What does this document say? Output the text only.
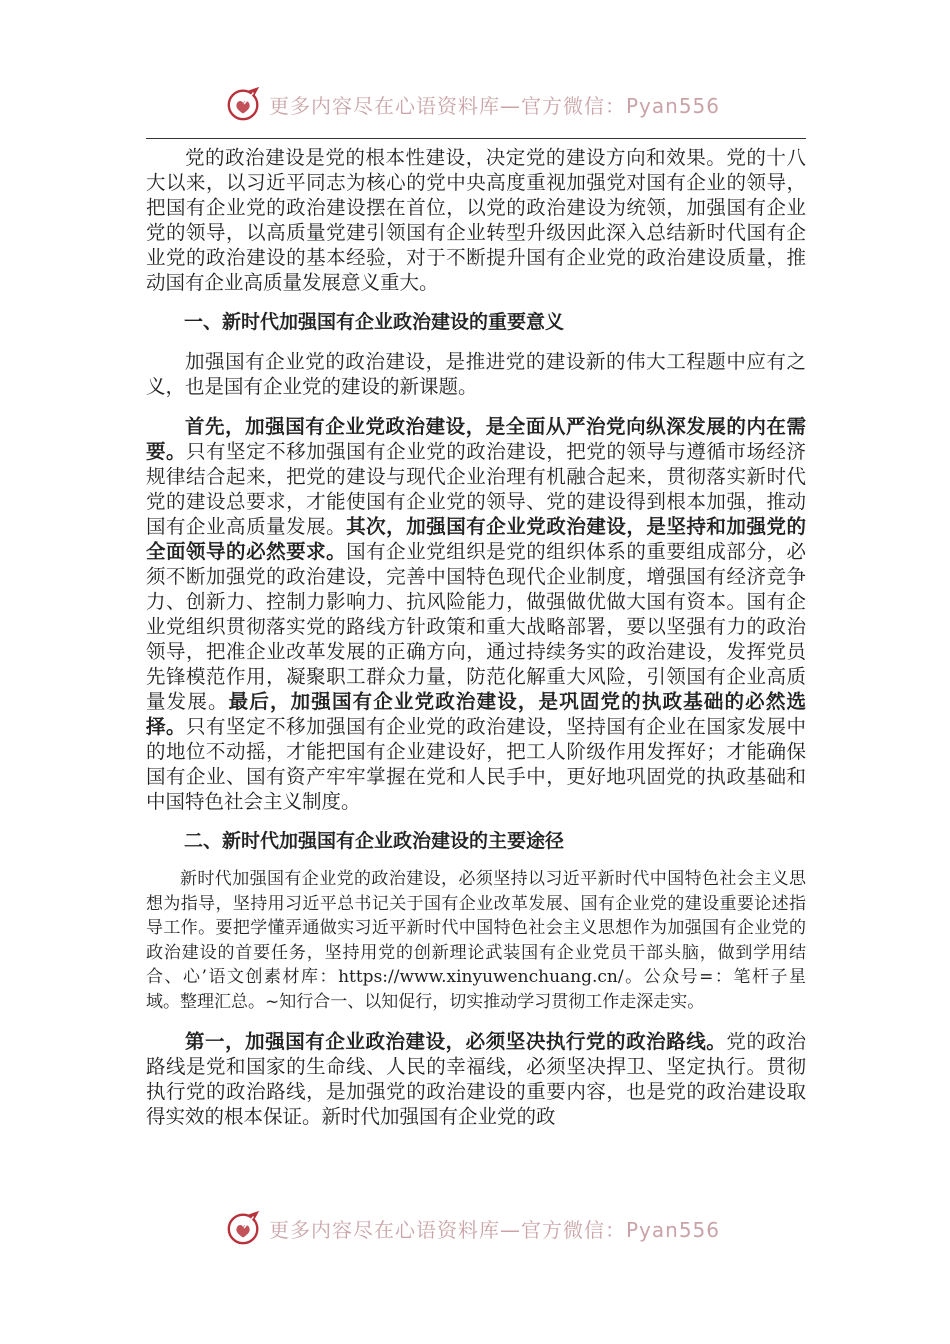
更多内容尽在心语资料库—官方微信：Pyan556

党的政治建设是党的根本性建设，决定党的建设方向和效果。党的十八大以来，以习近平同志为核心的党中央高度重视加强党对国有企业的领导，把国有企业党的政治建设摆在首位，以党的政治建设为统领，加强国有企业党的领导，以高质量党建引领国有企业转型升级因此深入总结新时代国有企业党的政治建设的基本经验，对于不断提升国有企业党的政治建设质量，推动国有企业高质量发展意义重大。

一、新时代加强国有企业政治建设的重要意义

加强国有企业党的政治建设，是推进党的建设新的伟大工程题中应有之义，也是国有企业党的建设的新课题。

首先，加强国有企业党政治建设，是全面从严治党向纵深发展的内在需要。只有坚定不移加强国有企业党的政治建设，把党的领导与遵循市场经济规律结合起来，把党的建设与现代企业治理有机融合起来，贯彻落实新时代党的建设总要求，才能使国有企业党的领导、党的建设得到根本加强，推动国有企业高质量发展。其次，加强国有企业党政治建设，是坚持和加强党的全面领导的必然要求。国有企业党组织是党的组织体系的重要组成部分，必须不断加强党的政治建设，完善中国特色现代企业制度，增强国有经济竞争力、创新力、控制力影响力、抗风险能力，做强做优做大国有资本。国有企业党组织贯彻落实党的路线方针政策和重大战略部署，要以坚强有力的政治领导，把准企业改革发展的正确方向，通过持续务实的政治建设，发挥党员先锋模范作用，凝聚职工群众力量，防范化解重大风险，引领国有企业高质量发展。最后，加强国有企业党政治建设，是巩固党的执政基础的必然选择。只有坚定不移加强国有企业党的政治建设，坚持国有企业在国家发展中的地位不动摇，才能把国有企业建设好，把工人阶级作用发挥好；才能确保国有企业、国有资产牢牢掌握在党和人民手中，更好地巩固党的执政基础和中国特色社会主义制度。

二、新时代加强国有企业政治建设的主要途径

新时代加强国有企业党的政治建设，必须坚持以习近平新时代中国特色社会主义思想为指导，坚持用习近平总书记关于国有企业改革发展、国有企业党的建设重要论述指导工作。要把学懂弄通做实习近平新时代中国特色社会主义思想作为加强国有企业党的政治建设的首要任务，坚持用党的创新理论武装国有企业党员干部头脑，做到学用结合、心’语文创素材库：https://www.xinyuwenchuang.cn/。公众号=：笔杆子星域。整理汇总。~知行合一、以知促行，切实推动学习贯彻工作走深走实。

第一，加强国有企业政治建设，必须坚决执行党的政治路线。党的政治路线是党和国家的生命线、人民的幸福线，必须坚决捍卫、坚定执行。贯彻执行党的政治路线，是加强党的政治建设的重要内容，也是党的政治建设取得实效的根本保证。新时代加强国有企业党的政

更多内容尽在心语资料库—官方微信：Pyan556
